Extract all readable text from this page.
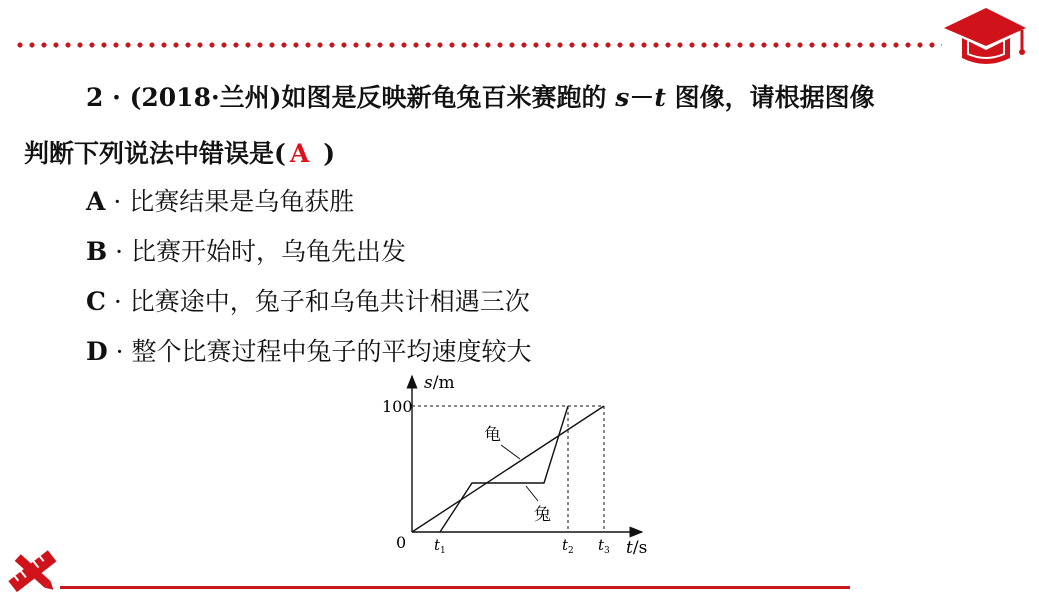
2 · (2018·兰州)如图是反映新龟兔百米赛跑的 s－t 图像，请根据图像
判断下列说法中错误是( A )
A · 比赛结果是乌龟获胜
B · 比赛开始时，乌龟先出发
C · 比赛途中，兔子和乌龟共计相遇三次
D · 整个比赛过程中兔子的平均速度较大
龟
兔
100
0
s/m
t/s
$t_1$	$t_2$ $t_3$
